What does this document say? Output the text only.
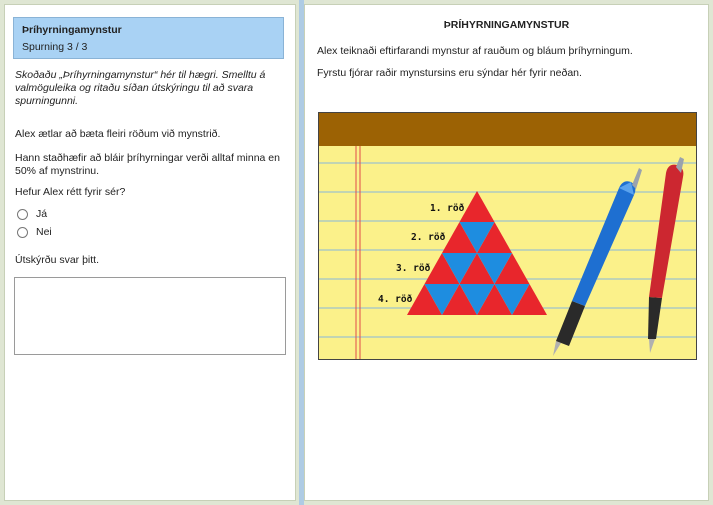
Þríhyrningamynstur
Spurning 3 / 3

Skoðaðu „Þríhyrningamynstur“ hér til hægri. Smelltu á valmöguleika og ritaðu síðan útskýringu til að svara spurningunni.

Alex ætlar að bæta fleiri röðum við mynstrið.

Hann staðhæfir að bláir þríhyrningar verði alltaf minna en 50% af mynstrinu.

Hefur Alex rétt fyrir sér?

Já
Nei

Útskýrðu svar þitt.

ÞRÍHYRNINGAMYNSTUR

Alex teiknaði eftirfarandi mynstur af rauðum og bláum þríhyrningum.

Fyrstu fjórar raðir mynstursins eru sýndar hér fyrir neðan.

1. röð
2. röð
3. röð
4. röð
